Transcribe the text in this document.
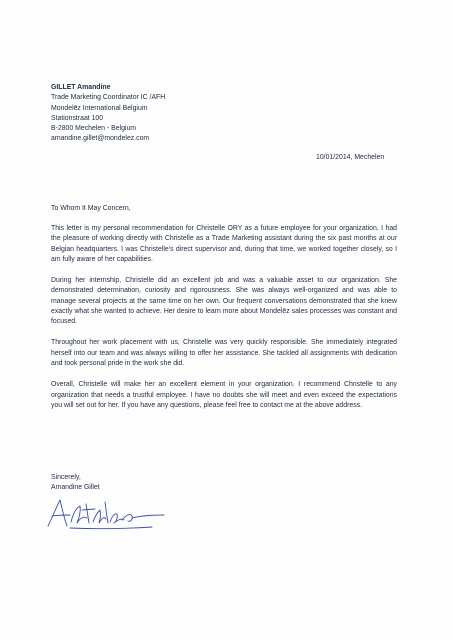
GILLET Amandine
Trade Marketing Coordinator IC /AFH
Mondelēz International Belgium
Stationstraat 100
B-2800 Mechelen - Belgium
amandine.gillet@mondelez.com
10/01/2014, Mechelen
To Whom It May Concern,

This letter is my personal recommendation for Christelle ORY as a future employee for your organization. I had the pleasure of working directly with Christelle as a Trade Marketing assistant during the six past months at our Belgian headquarters. I was Christelle’s direct supervisor and, during that time, we worked together closely, so I am fully aware of her capabilities.

During her internship, Christelle did an excellent job and was a valuable asset to our organization. She demonstrated determination, curiosity and rigorousness. She was always well-organized and was able to manage several projects at the same time on her own. Our frequent conversations demonstrated that she knew exactly what she wanted to achieve. Her desire to learn more about Mondelēz sales processes was constant and focused.

Throughout her work placement with us, Christelle was very quickly responsible. She immediately integrated herself into our team and was always willing to offer her assistance. She tackled all assignments with dedication and took personal pride in the work she did.

Overall, Christelle will make her an excellent element in your organization. I recommend Christelle to any organization that needs a trustful employee. I have no doubts she will meet and even exceed the expectations you will set out for her. If you have any questions, please feel free to contact me at the above address.

Sincerely,
Amandine Gillet
